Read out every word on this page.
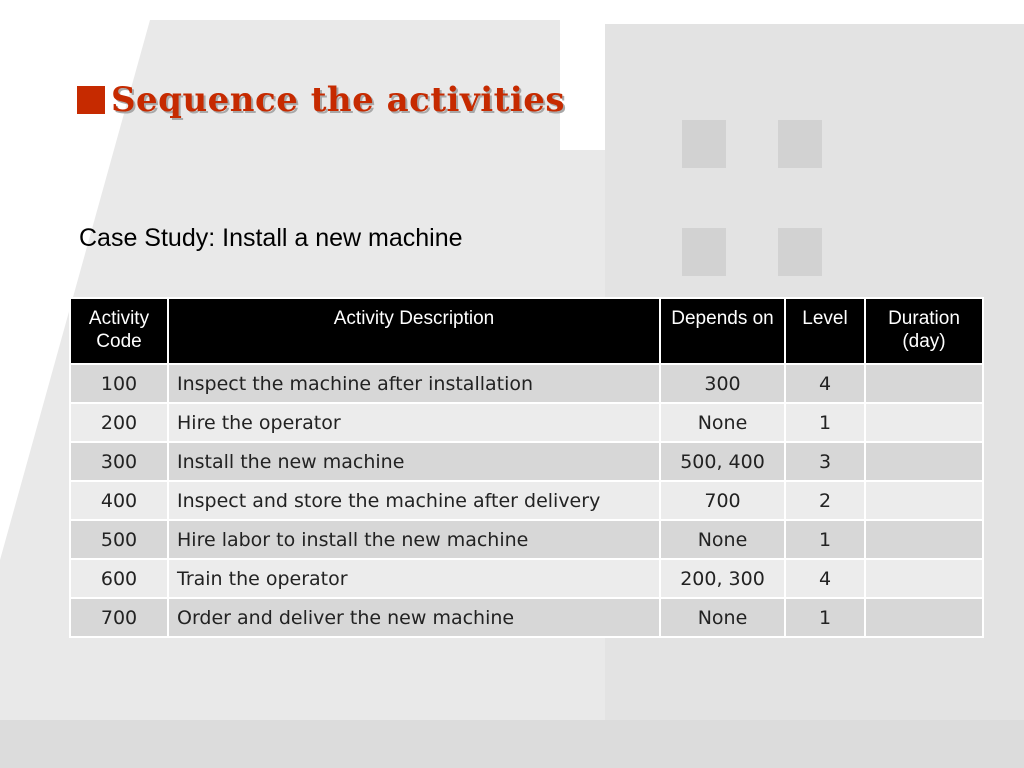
Sequence the activities
Case Study: Install a new machine
Activity Code	Activity Description	Depends on	Level	Duration (day)
100	Inspect the machine after installation	300	4	
200	Hire the operator	None	1	
300	Install the new machine	500, 400	3	
400	Inspect and store the machine after delivery	700	2	
500	Hire labor to install the new machine	None	1	
600	Train the operator	200, 300	4	
700	Order and deliver the new machine	None	1	
